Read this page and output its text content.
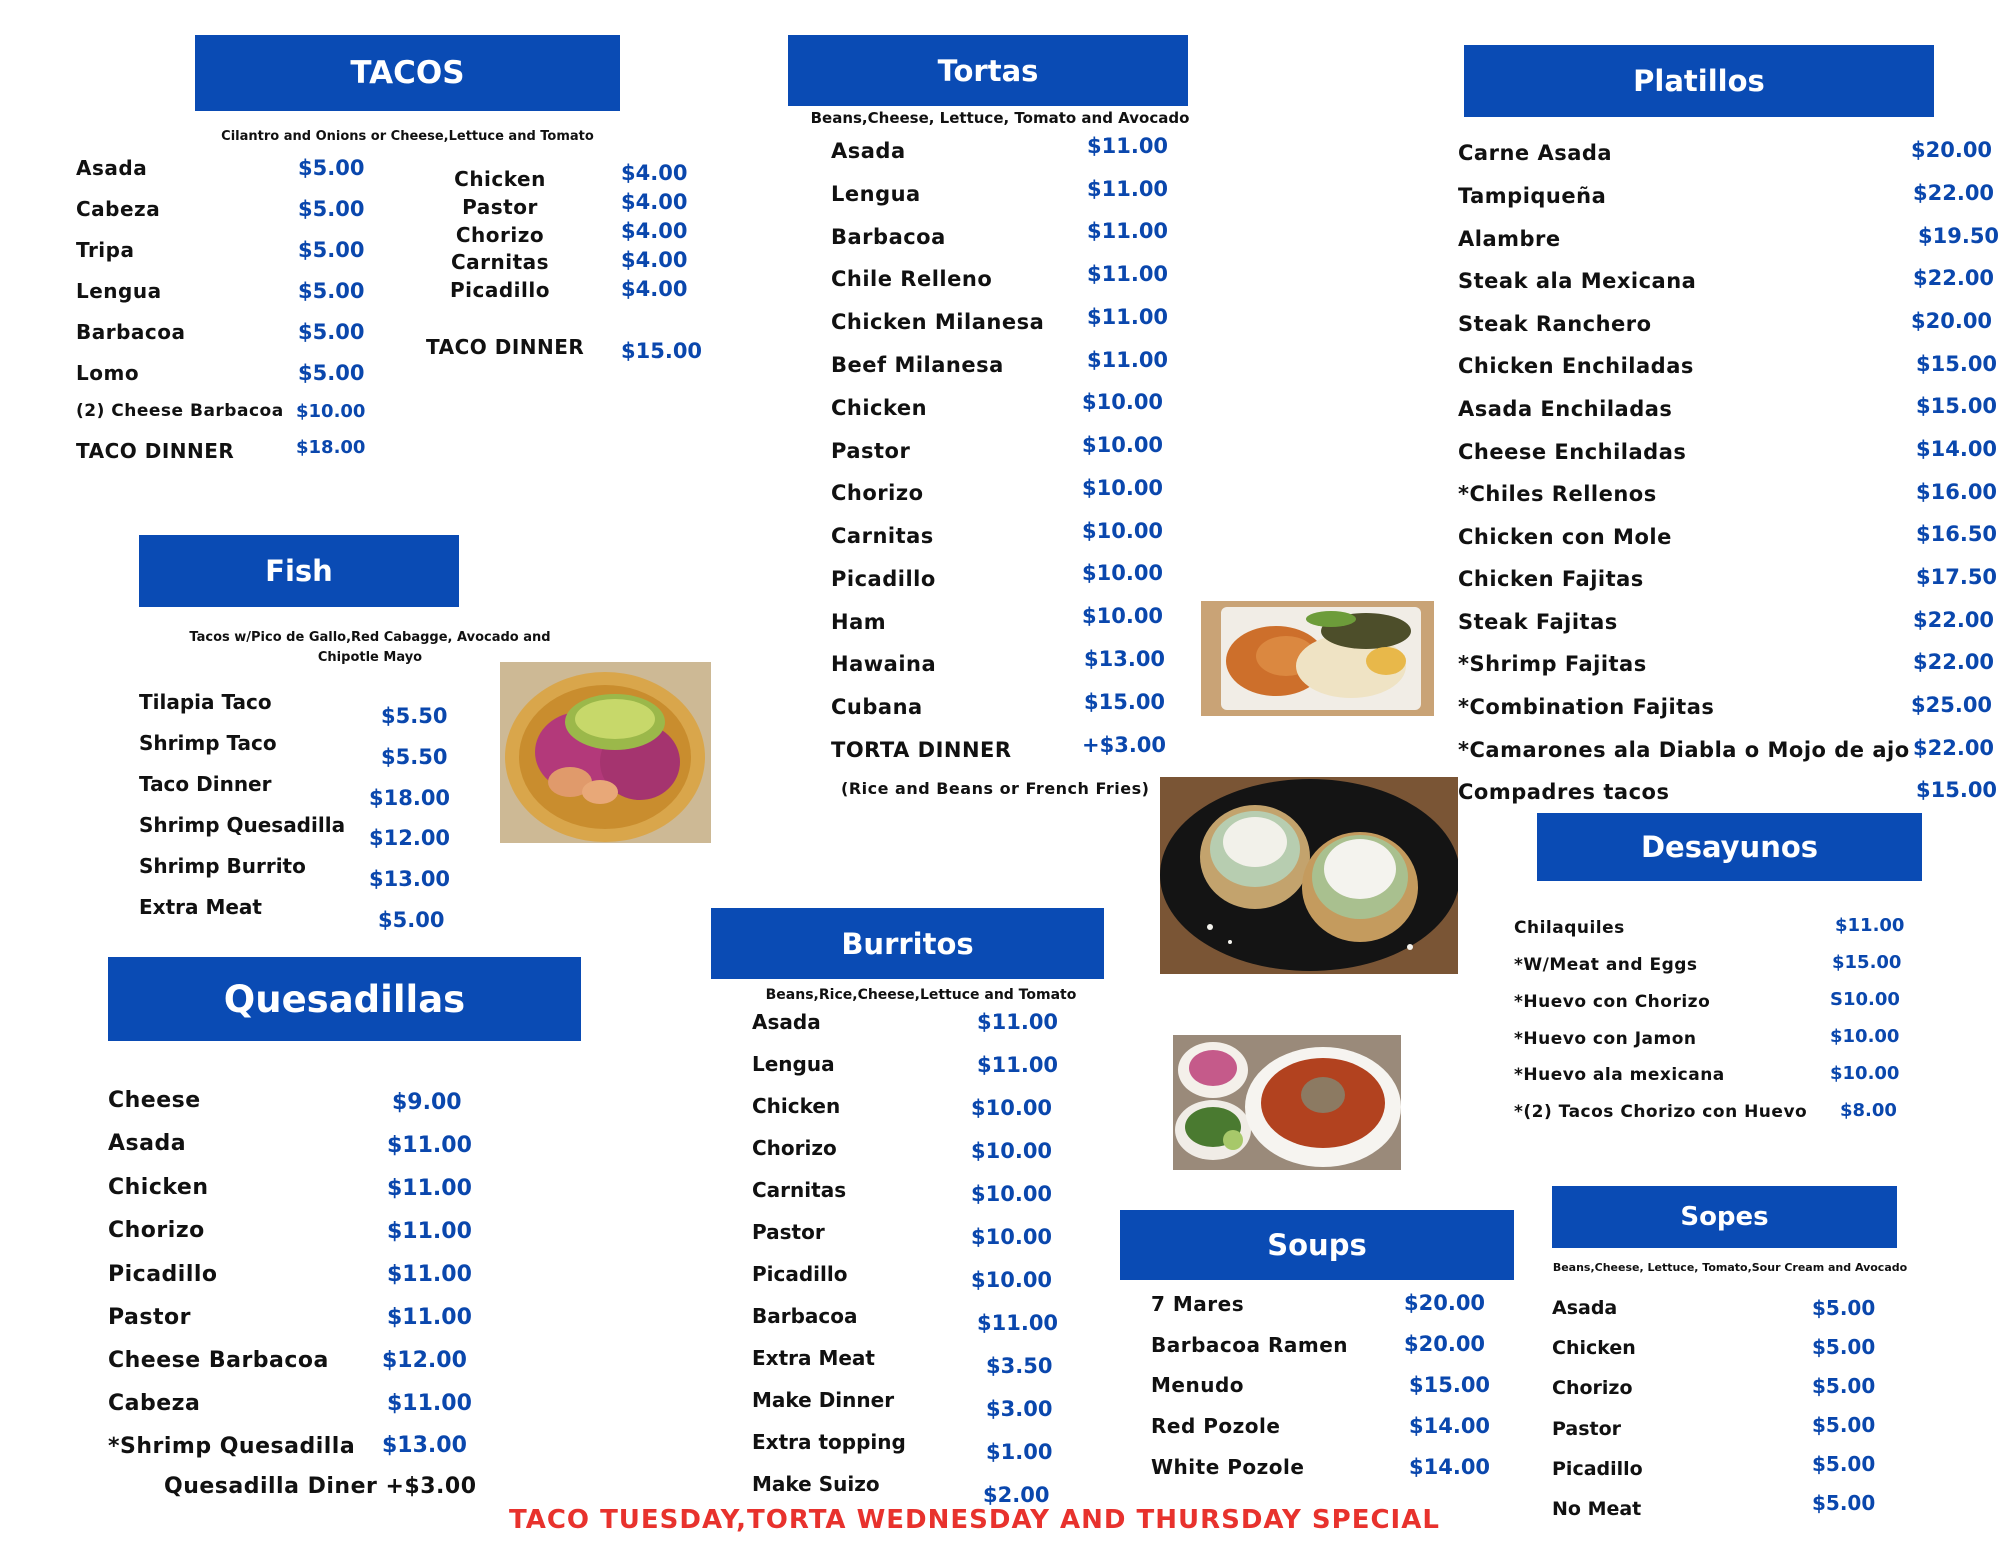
TACOS
Cilantro and Onions or Cheese,Lettuce and Tomato
Asada	$5.00
Cabeza	$5.00
Tripa	$5.00
Lengua	$5.00
Barbacoa	$5.00
Lomo	$5.00
(2) Cheese Barbacoa $10.00
TACO DINNER	$18.00
Chicken	$4.00
Pastor	$4.00
Chorizo	$4.00
Carnitas	$4.00
Picadillo	$4.00
TACO DINNER $15.00
Fish
Tacos w/Pico de Gallo,Red Cabagge, Avocado and Chipotle Mayo
Tilapia Taco
$5.50
Shrimp Taco
$5.50
Taco Dinner
$18.00
Shrimp Quesadilla
$12.00
Shrimp Burrito
$13.00
Extra Meat
$5.00
Quesadillas
Cheese	$9.00
Asada	$11.00
Chicken	$11.00
Chorizo	$11.00
Picadillo	$11.00
Pastor	$11.00
Cheese Barbacoa $12.00
Cabeza	$11.00
*Shrimp Quesadilla $13.00
Quesadilla Diner +$3.00
Tortas
Beans,Cheese, Lettuce, Tomato and Avocado
Asada	$11.00
Lengua	$11.00
Barbacoa	$11.00
Chile Relleno	$11.00
Chicken Milanesa $11.00
Beef Milanesa	$11.00
Chicken	$10.00
Pastor	$10.00
Chorizo	$10.00
Carnitas	$10.00
Picadillo	$10.00
Ham	$10.00
Hawaina	$13.00
Cubana	$15.00
TORTA DINNER	+$3.00
(Rice and Beans or French Fries)
Burritos
Beans,Rice,Cheese,Lettuce and Tomato
Asada	$11.00
Lengua	$11.00
Chicken	$10.00
Chorizo	$10.00
Carnitas	$10.00
Pastor	$10.00
Picadillo	$10.00
Barbacoa	$11.00
Extra Meat	$3.50
Make Dinner	$3.00
Extra topping	$1.00
Make Suizo	$2.00
Platillos
Carne Asada	$20.00
Tampiqueña	$22.00
Alambre	$19.50
Steak ala Mexicana	$22.00
Steak Ranchero	$20.00
Chicken Enchiladas	$15.00
Asada Enchiladas	$15.00
Cheese Enchiladas	$14.00
*Chiles Rellenos	$16.00
Chicken con Mole	$16.50
Chicken Fajitas	$17.50
Steak Fajitas	$22.00
*Shrimp Fajitas	$22.00
*Combination Fajitas	$25.00
*Camarones ala Diabla o Mojo de ajo $22.00
Compadres tacos	$15.00
Desayunos
Chilaquiles	$11.00
*W/Meat and Eggs	$15.00
*Huevo con Chorizo	S10.00
*Huevo con Jamon	$10.00
*Huevo ala mexicana	$10.00
*(2) Tacos Chorizo con Huevo $8.00
Soups
7 Mares	$20.00
Barbacoa Ramen	$20.00
Menudo	$15.00
Red Pozole	$14.00
White Pozole	$14.00
Sopes
Beans,Cheese, Lettuce, Tomato,Sour Cream and Avocado
Asada	$5.00
Chicken	$5.00
Chorizo	$5.00
Pastor	$5.00
Picadillo	$5.00
No Meat	$5.00
TACO TUESDAY,TORTA WEDNESDAY AND THURSDAY SPECIAL
